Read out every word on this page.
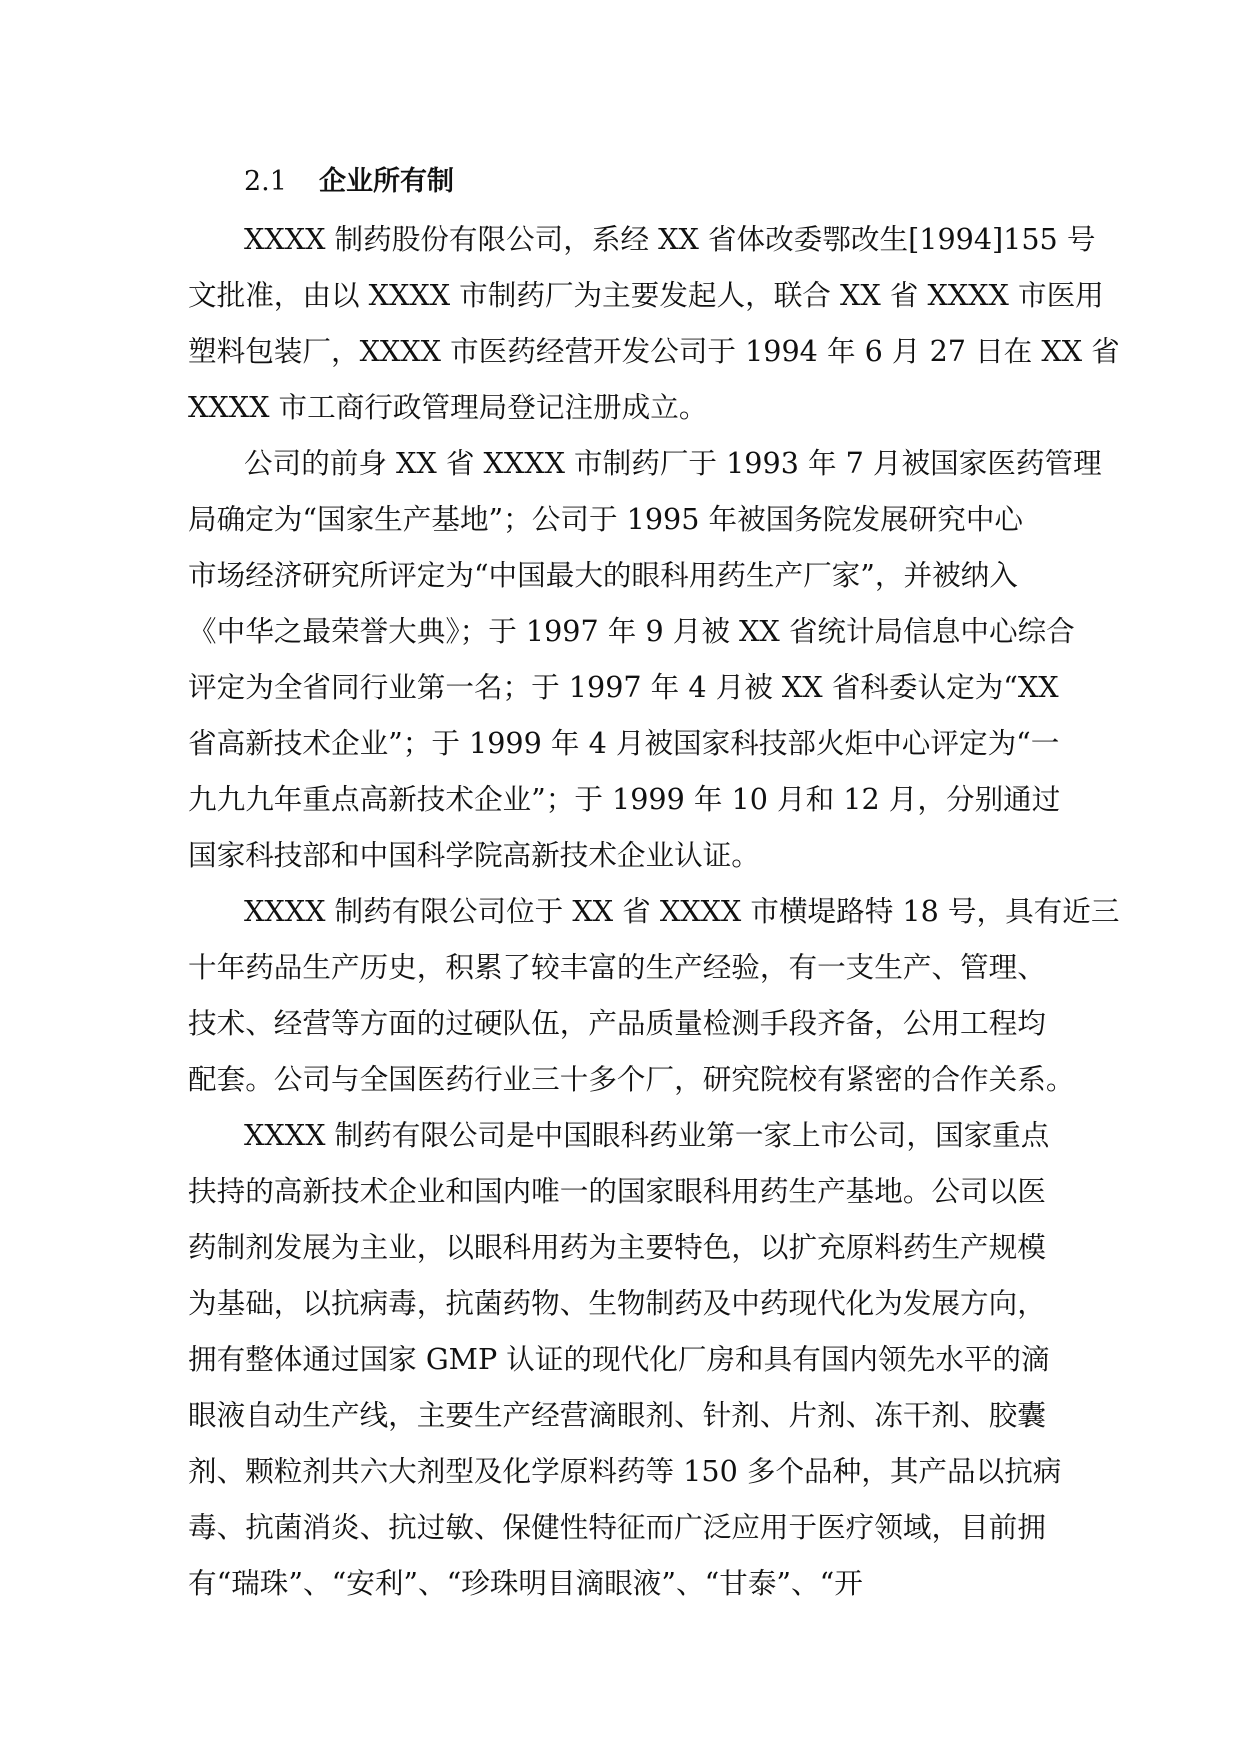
2.1 企业所有制
XXXX 制药股份有限公司，系经 XX 省体改委鄂改生[1994]155 号
文批准，由以 XXXX 市制药厂为主要发起人，联合 XX 省 XXXX 市医用
塑料包装厂，XXXX 市医药经营开发公司于 1994 年 6 月 27 日在 XX 省
XXXX 市工商行政管理局登记注册成立。
公司的前身 XX 省 XXXX 市制药厂于 1993 年 7 月被国家医药管理
局确定为“国家生产基地”；公司于 1995 年被国务院发展研究中心
市场经济研究所评定为“中国最大的眼科用药生产厂家”，并被纳入
《中华之最荣誉大典》；于 1997 年 9 月被 XX 省统计局信息中心综合
评定为全省同行业第一名；于 1997 年 4 月被 XX 省科委认定为“XX
省高新技术企业”；于 1999 年 4 月被国家科技部火炬中心评定为“一
九九九年重点高新技术企业”；于 1999 年 10 月和 12 月，分别通过
国家科技部和中国科学院高新技术企业认证。
XXXX 制药有限公司位于 XX 省 XXXX 市横堤路特 18 号，具有近三
十年药品生产历史，积累了较丰富的生产经验，有一支生产、管理、
技术、经营等方面的过硬队伍，产品质量检测手段齐备，公用工程均
配套。公司与全国医药行业三十多个厂，研究院校有紧密的合作关系。
XXXX 制药有限公司是中国眼科药业第一家上市公司，国家重点
扶持的高新技术企业和国内唯一的国家眼科用药生产基地。公司以医
药制剂发展为主业，以眼科用药为主要特色，以扩充原料药生产规模
为基础，以抗病毒，抗菌药物、生物制药及中药现代化为发展方向，
拥有整体通过国家 GMP 认证的现代化厂房和具有国内领先水平的滴
眼液自动生产线，主要生产经营滴眼剂、针剂、片剂、冻干剂、胶囊
剂、颗粒剂共六大剂型及化学原料药等 150 多个品种，其产品以抗病
毒、抗菌消炎、抗过敏、保健性特征而广泛应用于医疗领域，目前拥
有“瑞珠”、“安利”、“珍珠明目滴眼液”、“甘泰”、“开
